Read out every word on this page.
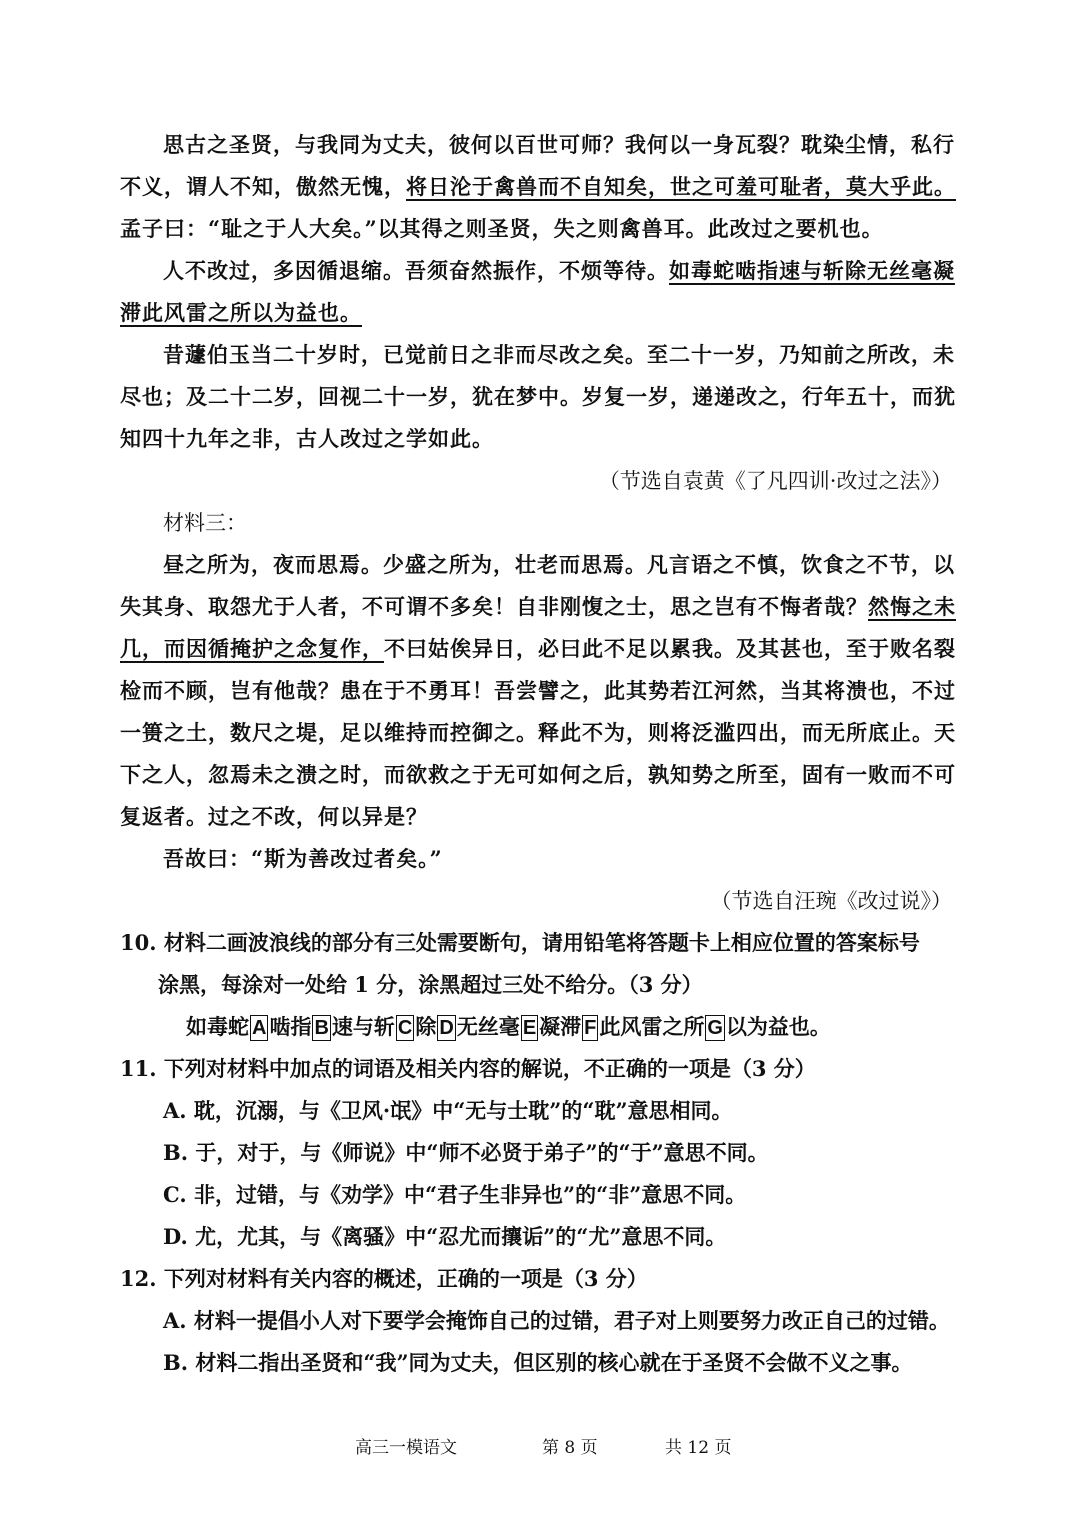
思古之圣贤，与我同为丈夫，彼何以百世可师？我何以一身瓦裂？耽染尘情，私行
不义，谓人不知，傲然无愧，将日沦于禽兽而不自知矣，世之可羞可耻者，莫大乎此。
孟子曰：“耻之于人大矣。”以其得之则圣贤，失之则禽兽耳。此改过之要机也。
人不改过，多因循退缩。吾须奋然振作，不烦等待。如毒蛇啮指速与斩除无丝毫凝
滞此风雷之所以为益也。
昔蘧伯玉当二十岁时，已觉前日之非而尽改之矣。至二十一岁，乃知前之所改，未
尽也；及二十二岁，回视二十一岁，犹在梦中。岁复一岁，递递改之，行年五十，而犹
知四十九年之非，古人改过之学如此。
（节选自袁黄《了凡四训·改过之法》）
材料三：
昼之所为，夜而思焉。少盛之所为，壮老而思焉。凡言语之不慎，饮食之不节，以
失其身、取怨尤于人者，不可谓不多矣！自非刚愎之士，思之岂有不悔者哉？然悔之未
几，而因循掩护之念复作，不曰姑俟异日，必曰此不足以累我。及其甚也，至于败名裂
检而不顾，岂有他哉？患在于不勇耳！吾尝譬之，此其势若江河然，当其将溃也，不过
一篑之土，数尺之堤，足以维持而控御之。释此不为，则将泛滥四出，而无所底止。天
下之人，忽焉未之溃之时，而欲救之于无可如何之后，孰知势之所至，固有一败而不可
复返者。过之不改，何以异是？
吾故曰：“斯为善改过者矣。”
（节选自汪琬《改过说》）
10. 材料二画波浪线的部分有三处需要断句，请用铅笔将答题卡上相应位置的答案标号
涂黑，每涂对一处给 1 分，涂黑超过三处不给分。（3 分）
如毒蛇 A 啮指 B 速与斩 C 除 D 无丝毫 E 凝滞 F 此风雷之所 G 以为益也。
11. 下列对材料中加点的词语及相关内容的解说，不正确的一项是（3 分）
A. 耽，沉溺，与《卫风·氓》中“无与士耽”的“耽”意思相同。
B. 于，对于，与《师说》中“师不必贤于弟子”的“于”意思不同。
C. 非，过错，与《劝学》中“君子生非异也”的“非”意思不同。
D. 尤，尤其，与《离骚》中“忍尤而攘诟”的“尤”意思不同。
12. 下列对材料有关内容的概述，正确的一项是（3 分）
A. 材料一提倡小人对下要学会掩饰自己的过错，君子对上则要努力改正自己的过错。
B. 材料二指出圣贤和“我”同为丈夫，但区别的核心就在于圣贤不会做不义之事。
高三一模语文	第 8 页	共 12 页
